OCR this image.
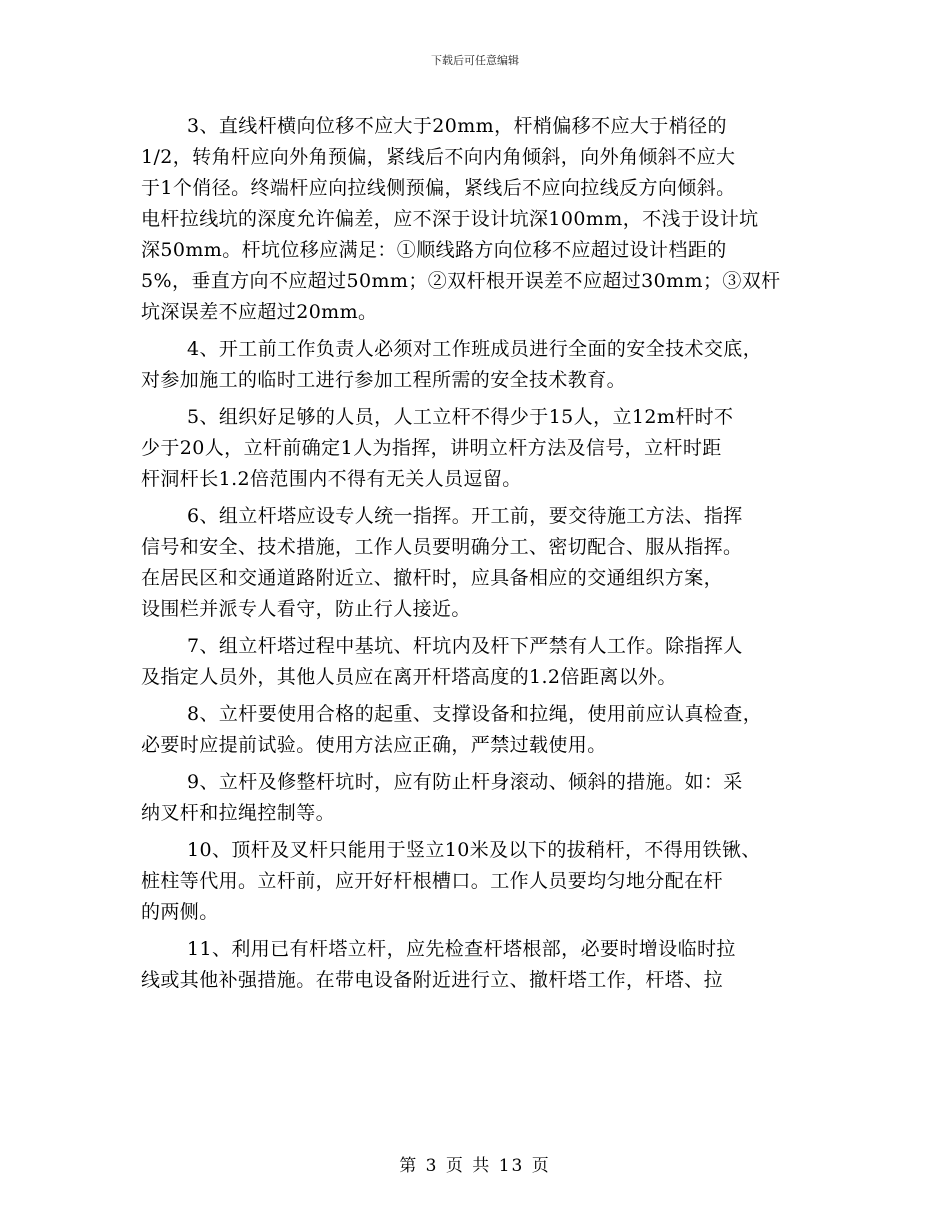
下载后可任意编辑
3、直线杆横向位移不应大于20mm，杆梢偏移不应大于梢径的
1/2，转角杆应向外角预偏，紧线后不向内角倾斜，向外角倾斜不应大
于1个俏径。终端杆应向拉线侧预偏，紧线后不应向拉线反方向倾斜。
电杆拉线坑的深度允许偏差，应不深于设计坑深100mm，不浅于设计坑
深50mm。杆坑位移应满足：①顺线路方向位移不应超过设计档距的
5%，垂直方向不应超过50mm；②双杆根开误差不应超过30mm；③双杆
坑深误差不应超过20mm。
4、开工前工作负责人必须对工作班成员进行全面的安全技术交底，
对参加施工的临时工进行参加工程所需的安全技术教育。
5、组织好足够的人员，人工立杆不得少于15人，立12m杆时不
少于20人，立杆前确定1人为指挥，讲明立杆方法及信号，立杆时距
杆洞杆长1.2倍范围内不得有无关人员逗留。
6、组立杆塔应设专人统一指挥。开工前，要交待施工方法、指挥
信号和安全、技术措施，工作人员要明确分工、密切配合、服从指挥。
在居民区和交通道路附近立、撤杆时，应具备相应的交通组织方案，
设围栏并派专人看守，防止行人接近。
7、组立杆塔过程中基坑、杆坑内及杆下严禁有人工作。除指挥人
及指定人员外，其他人员应在离开杆塔高度的1.2倍距离以外。
8、立杆要使用合格的起重、支撑设备和拉绳，使用前应认真检查，
必要时应提前试验。使用方法应正确，严禁过载使用。
9、立杆及修整杆坑时，应有防止杆身滚动、倾斜的措施。如：采
纳叉杆和拉绳控制等。
10、顶杆及叉杆只能用于竖立10米及以下的拔稍杆，不得用铁锹、
桩柱等代用。立杆前，应开好杆根槽口。工作人员要均匀地分配在杆
的两侧。
11、利用已有杆塔立杆，应先检查杆塔根部，必要时增设临时拉
线或其他补强措施。在带电设备附近进行立、撤杆塔工作，杆塔、拉
第 3 页 共 13 页
